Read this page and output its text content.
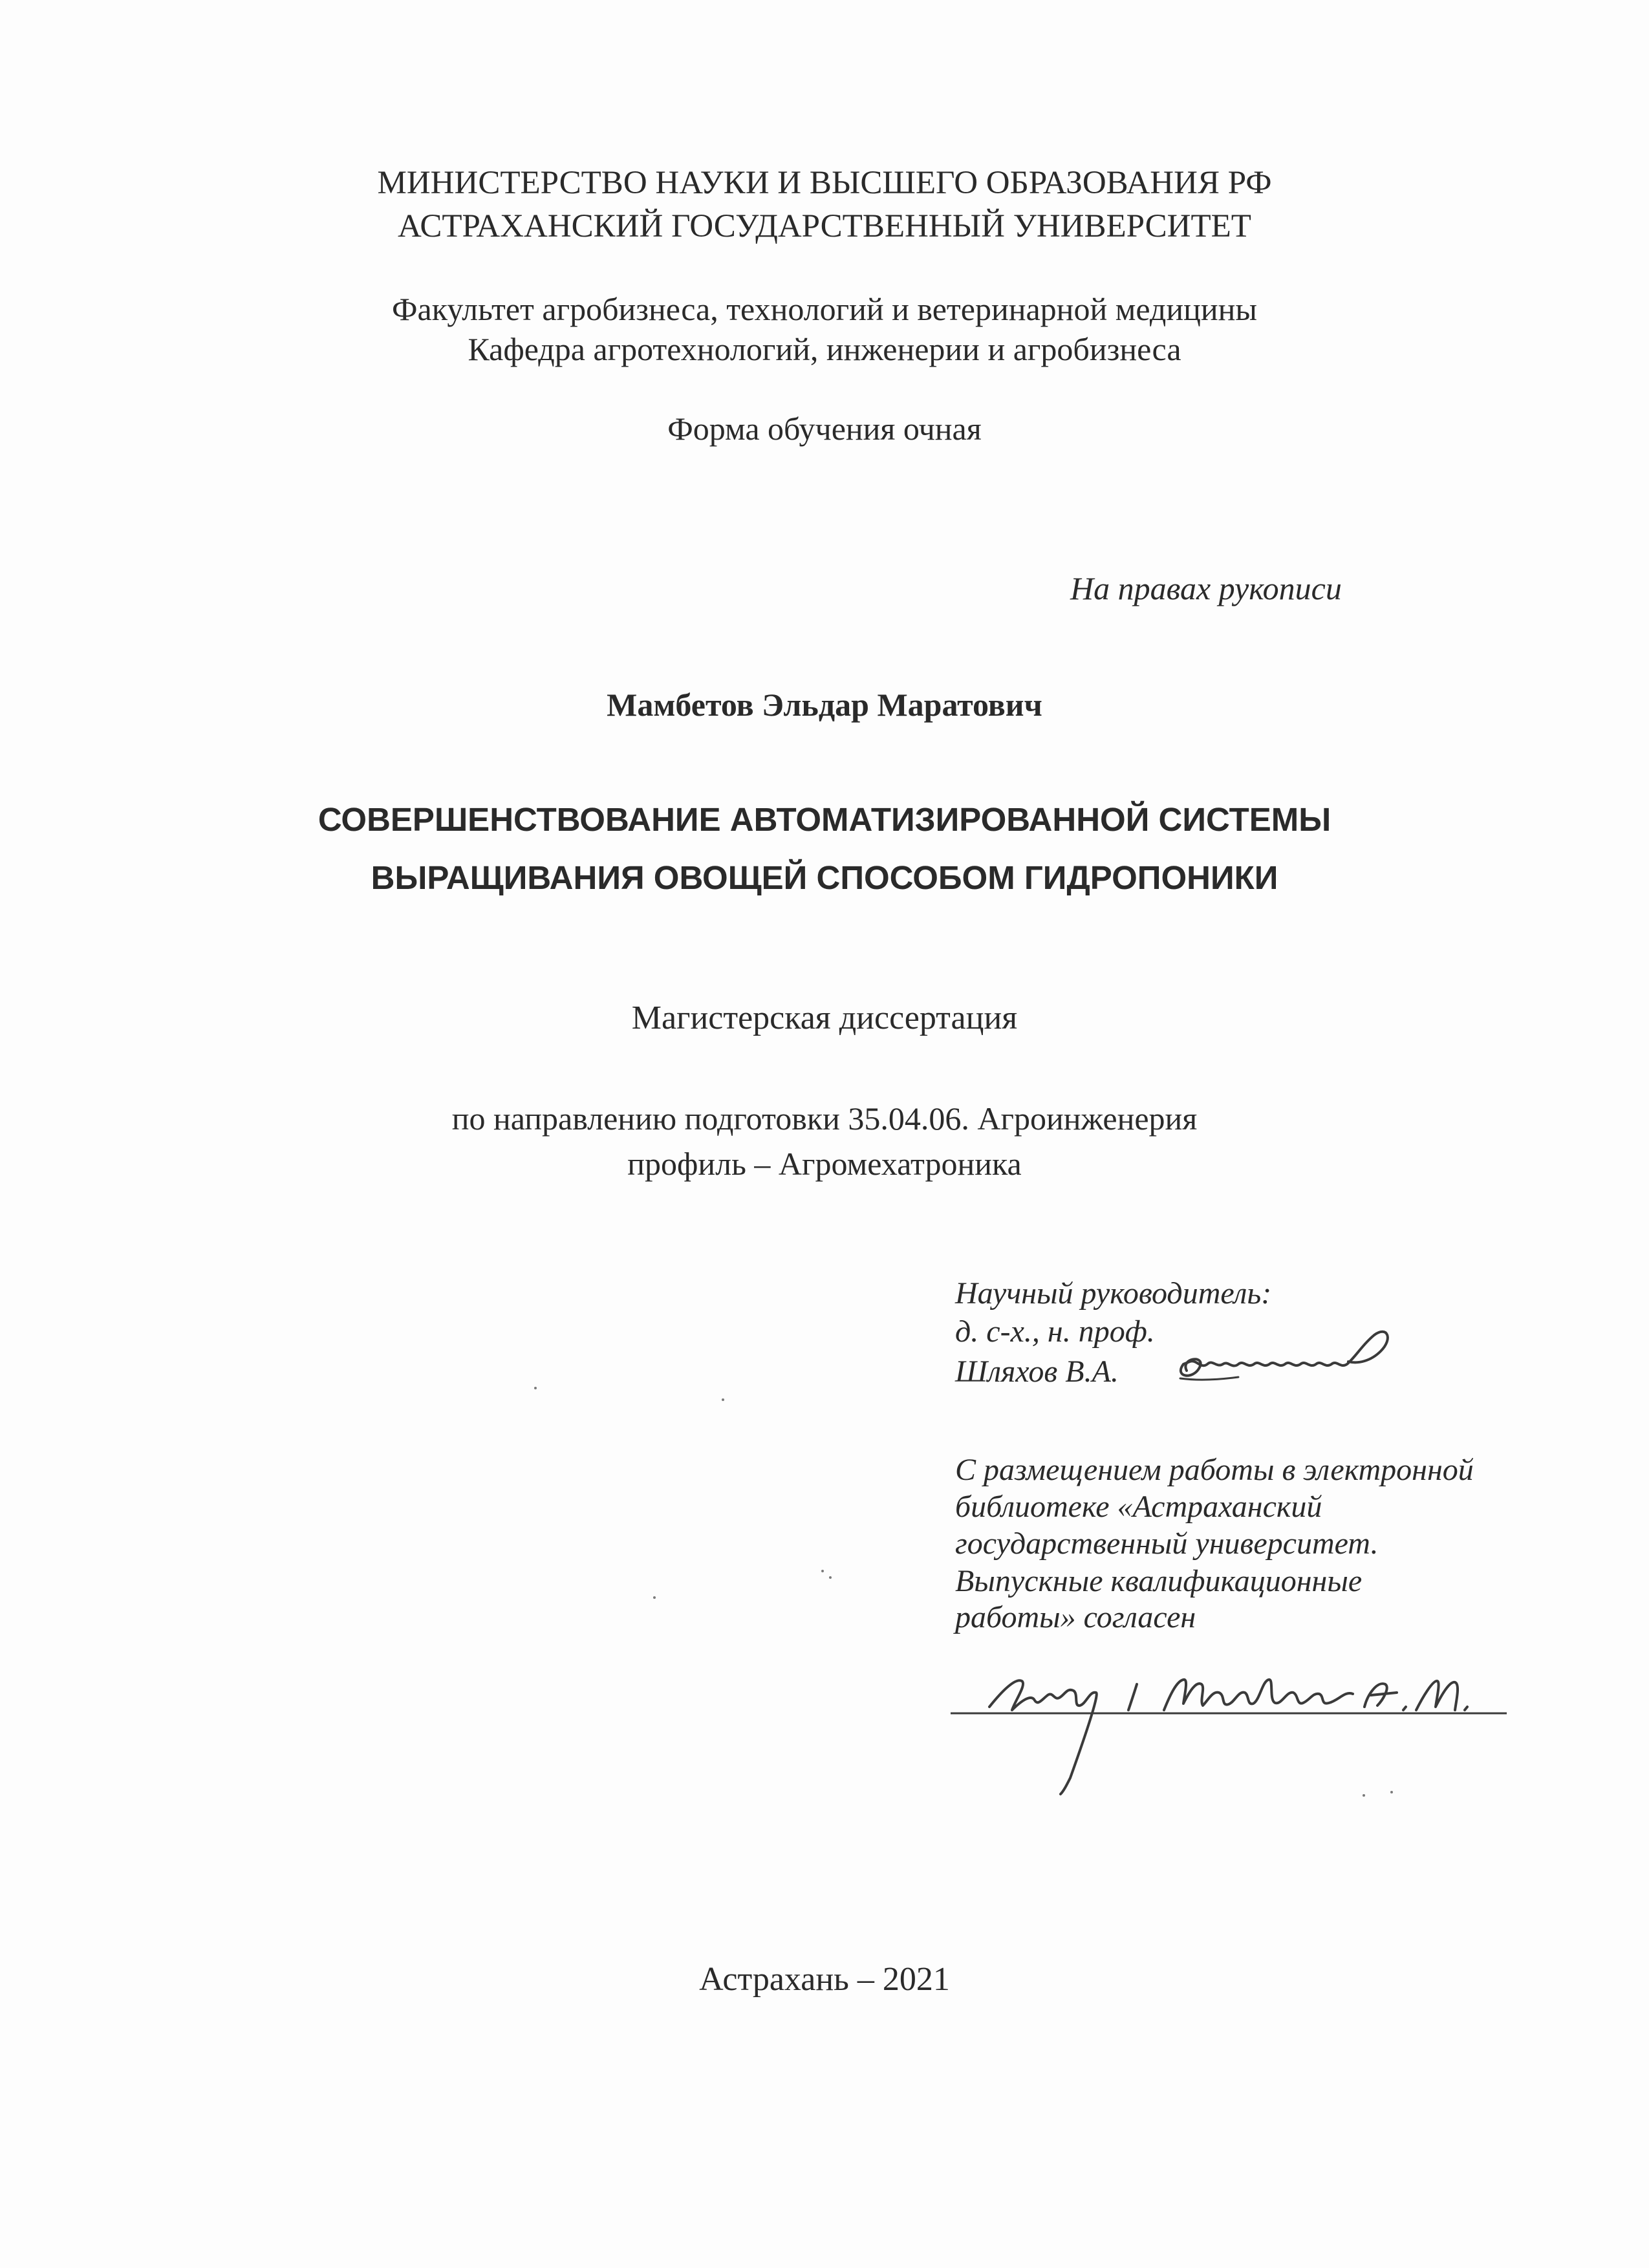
МИНИСТЕРСТВО НАУКИ И ВЫСШЕГО ОБРАЗОВАНИЯ РФ

АСТРАХАНСКИЙ ГОСУДАРСТВЕННЫЙ УНИВЕРСИТЕТ

Факультет агробизнеса, технологий и ветеринарной медицины

Кафедра агротехнологий, инженерии и агробизнеса

Форма обучения очная

На правах рукописи

Мамбетов Эльдар Маратович

СОВЕРШЕНСТВОВАНИЕ АВТОМАТИЗИРОВАННОЙ СИСТЕМЫ

ВЫРАЩИВАНИЯ ОВОЩЕЙ СПОСОБОМ ГИДРОПОНИКИ

Магистерская диссертация

по направлению подготовки 35.04.06. Агроинженерия

профиль – Агромехатроника

Научный руководитель:

д. с-х., н. проф.

Шляхов В.А.

С размещением работы в электронной

библиотеке «Астраханский

государственный университет.

Выпускные квалификационные

работы» согласен

Астрахань – 2021
